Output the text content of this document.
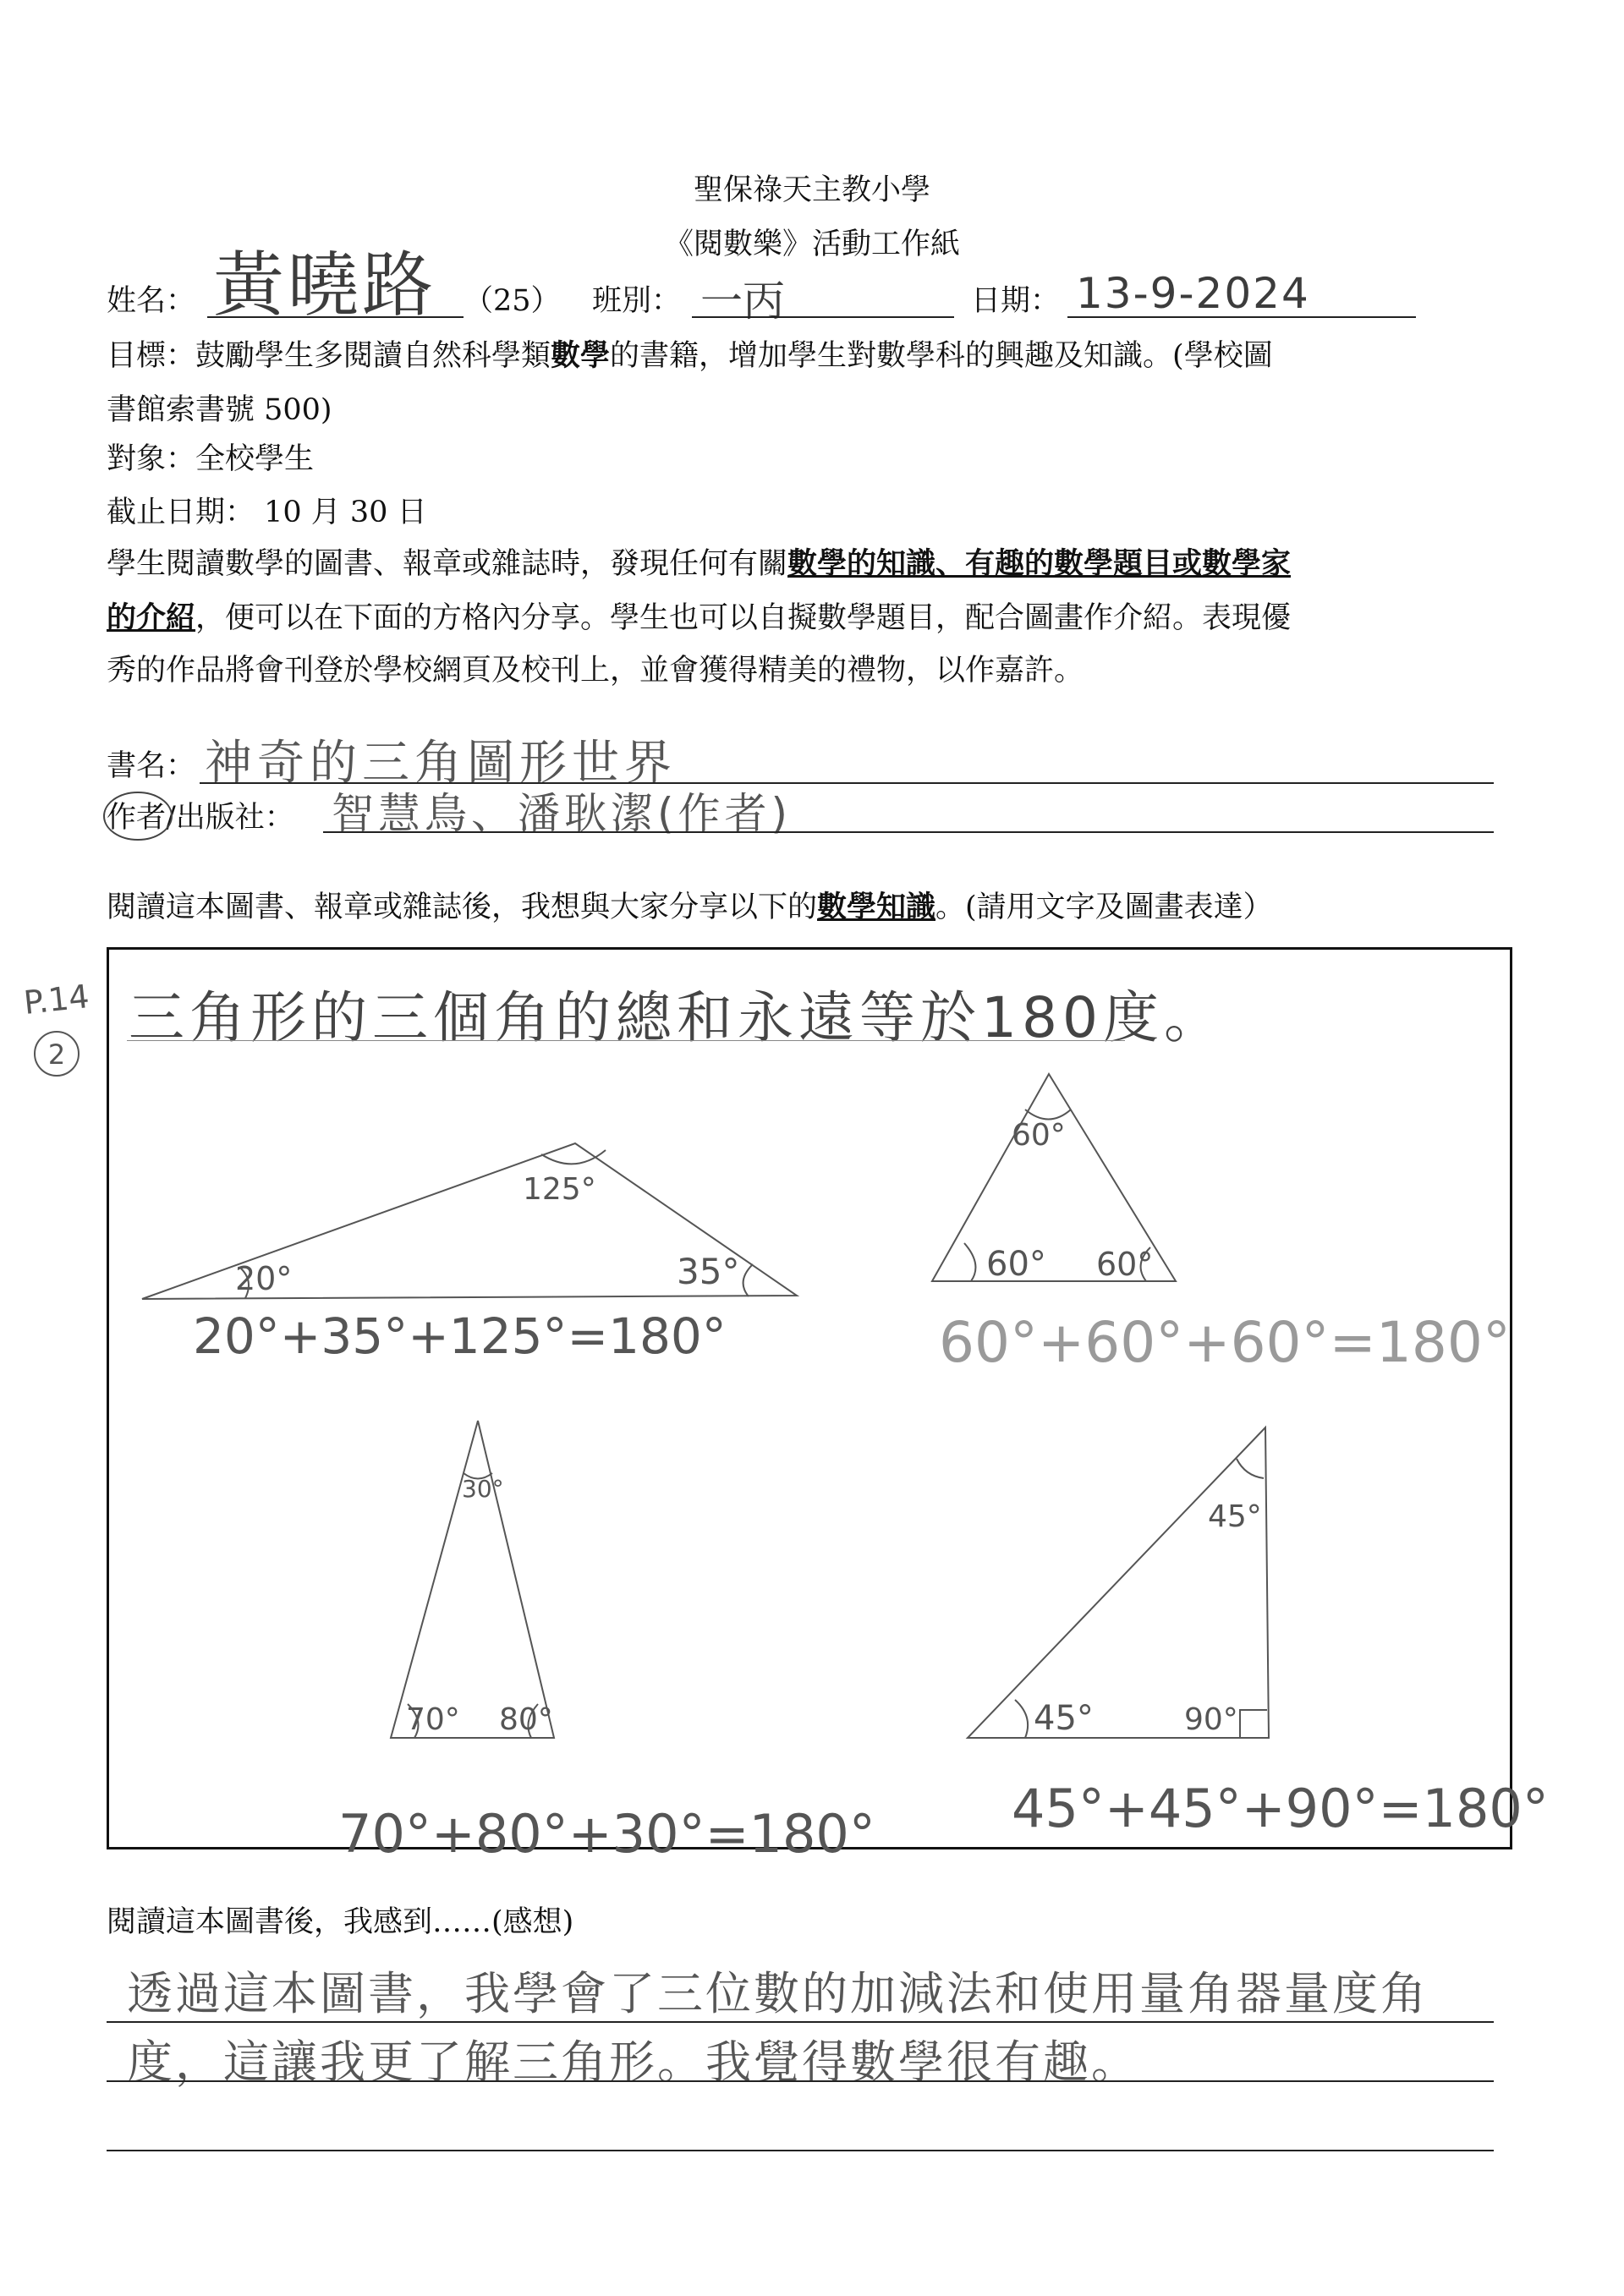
聖保祿天主教小學
《閱數樂》活動工作紙
姓名： 黃曉路 （25） 班別： 一丙	日期： 13-9-2024
目標：鼓勵學生多閱讀自然科學類數學的書籍，增加學生對數學科的興趣及知識。(學校圖
書館索書號 500)
對象：全校學生
截止日期： 10 月 30 日
學生閱讀數學的圖書、報章或雜誌時，發現任何有關數學的知識、有趣的數學題目或數學家
的介紹，便可以在下面的方格內分享。學生也可以自擬數學題目，配合圖畫作介紹。表現優
秀的作品將會刊登於學校網頁及校刊上，並會獲得精美的禮物，以作嘉許。
書名： 神奇的三角圖形世界
作者/出版社： 智慧鳥、潘耿潔(作者)
閱讀這本圖書、報章或雜誌後，我想與大家分享以下的數學知識。(請用文字及圖畫表達）
P.14
2
三角形的三個角的總和永遠等於180度。
125°
20°	35°
20°+35°+125°=180°
60°
60° 60°
60°+60°+60°=180°
30°
70° 80°
70°+80°+30°=180°
45°
45°	90°
45°+45°+90°=180°
閱讀這本圖書後，我感到……(感想)
透過這本圖書，我學會了三位數的加減法和使用量角器量度角
度，這讓我更了解三角形。我覺得數學很有趣。
